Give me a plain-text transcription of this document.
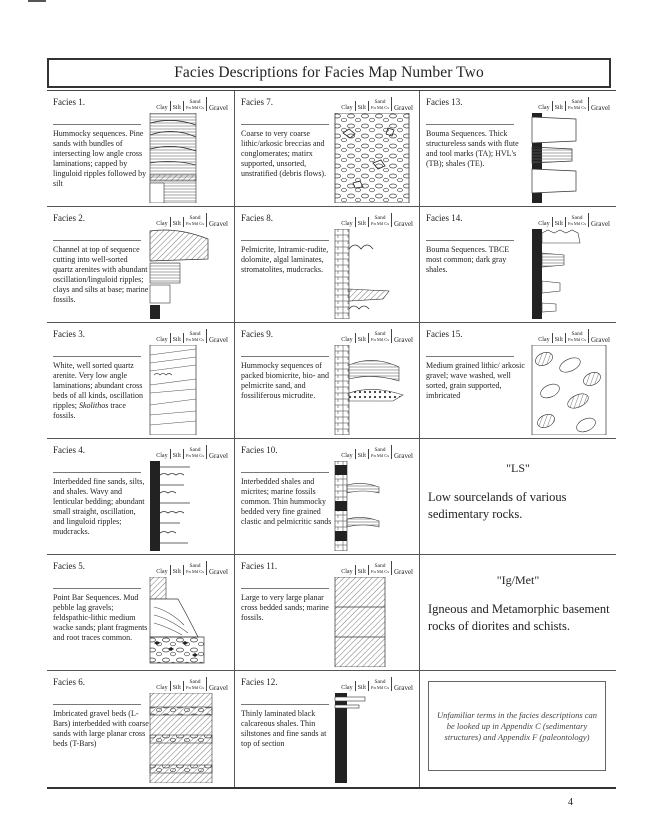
Facies Descriptions for Facies Map Number Two
Facies 1.
Hummocky sequences. Pine sands with bundles of intersecting low angle cross laminations; capped by linguloid ripples followed by silt
Clay Silt
Sand
Fn Md Cs Gravel
Facies 7.
Coarse to very coarse lithic/arkosic breccias and conglomerates; matirx supported, unsorted, unstratified (debris flows).
Clay Silt
Sand
Fn Md Cs Gravel
Facies 13.
Bouma Sequences. Thick structureless sands with flute and tool marks (TA); HVL's (TB); shales (TE).
Clay Silt
Sand
Fn Md Cs Gravel
Facies 2.
Channel at top of sequence cutting into well-sorted quartz arenites with abundant oscillation/linguloid ripples; clays and silts at base; marine fossils.
Clay Silt
Sand
Fn Md Cs Gravel
Facies 8.
Pelmicrite, Intramic-rudite, dolomite, algal laminates, stromatolites, mudcracks.
Clay Silt
Sand
Fn Md Cs Gravel
Facies 14.
Bouma Sequences. TBCE most common; dark gray shales.
Clay Silt
Sand
Fn Md Cs Gravel
Facies 3.
White, well sorted quartz arenite. Very low angle laminations; abundant cross beds of all kinds, oscillation ripples; Skolithos trace fossils.
Clay Silt
Sand
Fn Md Cs Gravel
Facies 9.
Hummocky sequences of packed biomicrite, bio- and pelmicrite sand, and fossiliferous micrudite.
Clay Silt
Sand
Fn Md Cs Gravel
Facies 15.
Medium grained lithic/ arkosic gravel; wave washed, well sorted, grain supported, imbricated
Clay Silt
Sand
Fn Md Cs Gravel
Facies 4.
Interbedded fine sands, silts, and shales. Wavy and lenticular bedding; abundant small straight, oscillation, and linguloid ripples; mudcracks.
Clay Silt
Sand
Fn Md Cs Gravel
Facies 10.
Interbedded shales and micrites; marine fossils common. Thin hummocky bedded very fine grained clastic and pelmicritic sands
Clay Silt
Sand
Fn Md Cs Gravel
"LS"
Low sourcelands of various sedimentary rocks.
Facies 5.
Point Bar Sequences. Mud pebble lag gravels; feldspathic-lithic medium wacke sands; plant fragments and root traces common.
Clay Silt
Sand
Fn Md Cs Gravel
Facies 11.
Large to very large planar cross bedded sands; marine fossils.
Clay Silt
Sand
Fn Md Cs Gravel
"Ig/Met"
Igneous and Metamorphic basement rocks of diorites and schists.
Facies 6.
Imbricated gravel beds (L-Bars) interbedded with coarse sands with large planar cross beds (T-Bars)
Clay Silt
Sand
Fn Md Cs Gravel
Facies 12.
Thinly laminated black calcareous shales. Thin siltstones and fine sands at top of section
Clay Silt
Sand
Fn Md Cs Gravel
Unfamiliar terms in the facies descriptions can be looked up in Appendix C (sedimentary structures) and Appendix F (paleontology)
4
